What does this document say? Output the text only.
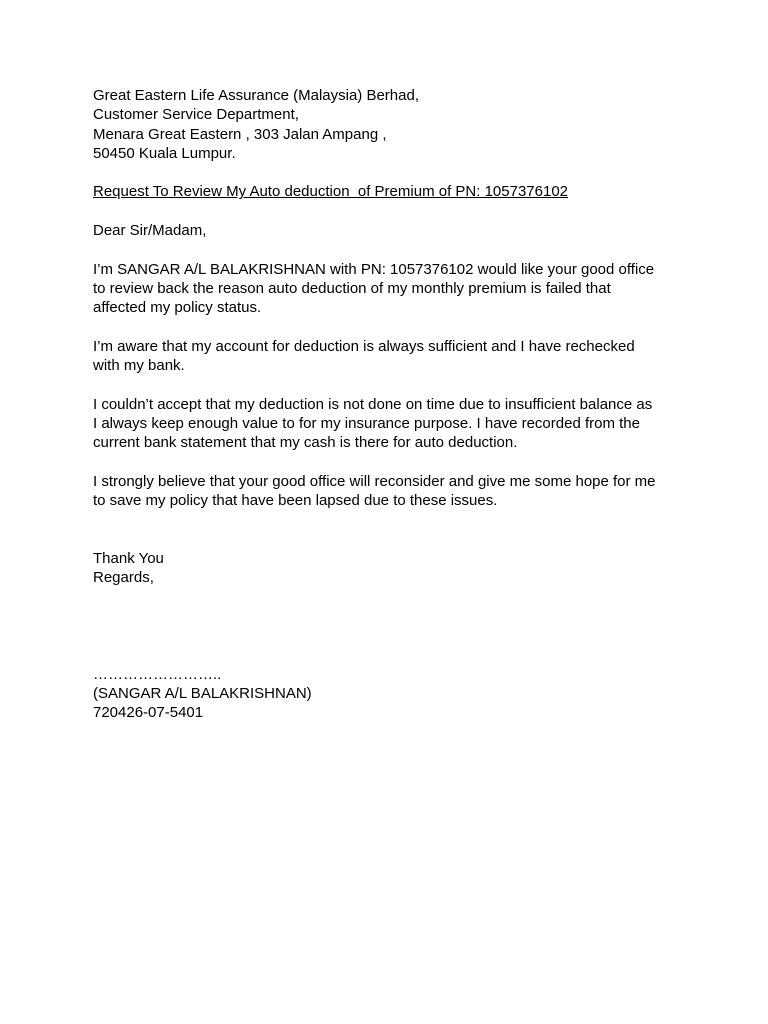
Great Eastern Life Assurance (Malaysia) Berhad,
Customer Service Department,
Menara Great Eastern , 303 Jalan Ampang ,
50450 Kuala Lumpur.
Request To Review My Auto deduction  of Premium of PN: 1057376102
Dear Sir/Madam,
I’m SANGAR A/L BALAKRISHNAN with PN: 1057376102 would like your good office
to review back the reason auto deduction of my monthly premium is failed that
affected my policy status.
I’m aware that my account for deduction is always sufficient and I have rechecked
with my bank.
I couldn’t accept that my deduction is not done on time due to insufficient balance as
I always keep enough value to for my insurance purpose. I have recorded from the
current bank statement that my cash is there for auto deduction.
I strongly believe that your good office will reconsider and give me some hope for me
to save my policy that have been lapsed due to these issues.
Thank You
Regards,
……………………..
(SANGAR A/L BALAKRISHNAN)
720426-07-5401
